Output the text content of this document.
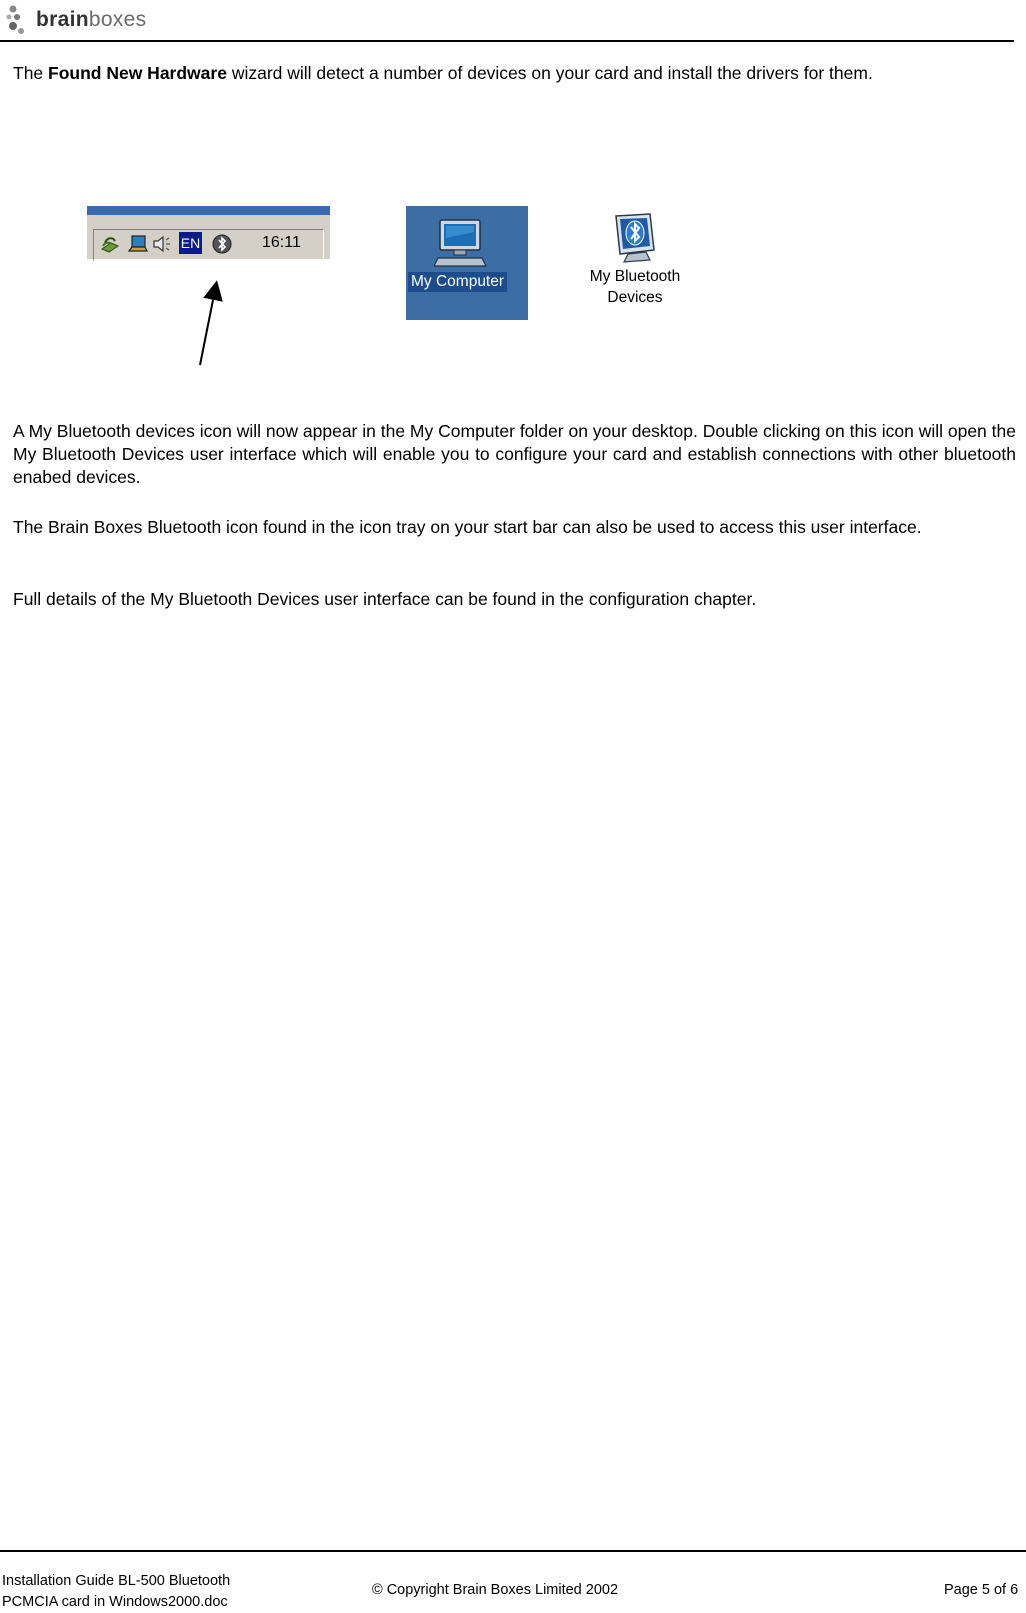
brainboxes
The Found New Hardware wizard will detect a number of devices on your card and install the drivers for them.
EN	16:11
My Computer	My Bluetooth
Devices
A My Bluetooth devices icon will now appear in the My Computer folder on your desktop. Double clicking on this icon will open the My Bluetooth Devices user interface which will enable you to configure your card and establish connections with other bluetooth enabed devices.
The Brain Boxes Bluetooth icon found in the icon tray on your start bar can also be used to access this user interface.
Full details of the My Bluetooth Devices user interface can be found in the configuration chapter.
Installation Guide BL-500 Bluetooth
PCMCIA card in Windows2000.doc
© Copyright Brain Boxes Limited 2002	Page 5 of 6
